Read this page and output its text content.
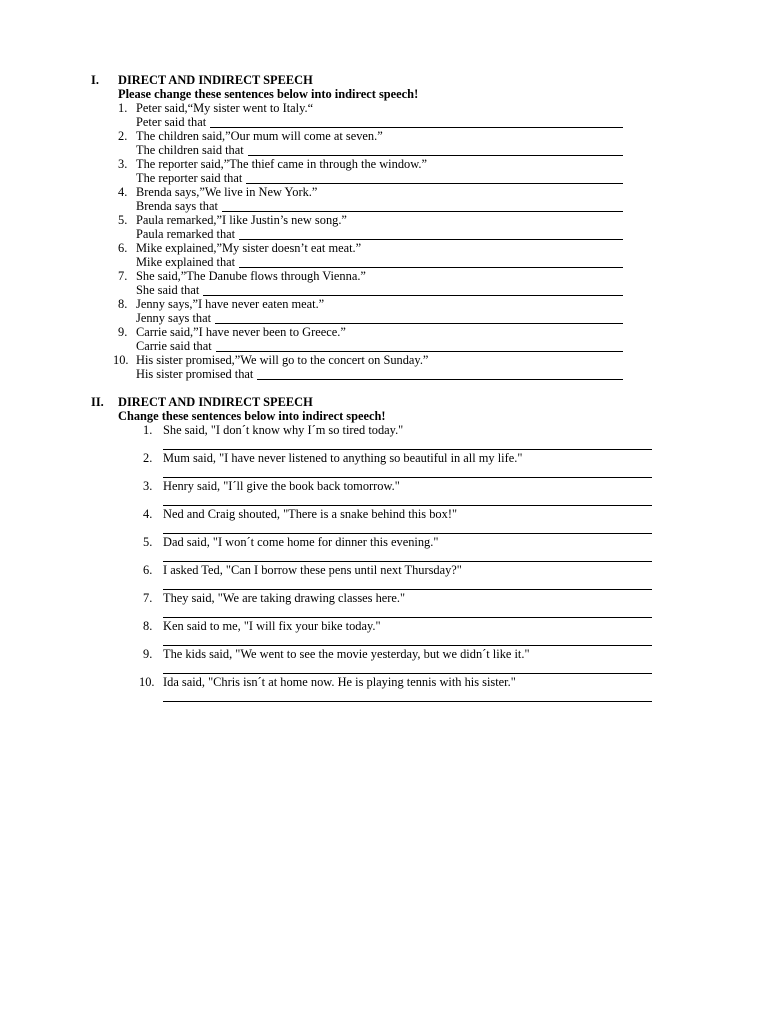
I. DIRECT AND INDIRECT SPEECH
Please change these sentences below into indirect speech!
1. Peter said,“My sister went to Italy.“
Peter said that
2. The children said,”Our mum will come at seven.”
The children said that
3. The reporter said,”The thief came in through the window.”
The reporter said that
4. Brenda says,”We live in New York.”
Brenda says that
5. Paula remarked,”I like Justin’s new song.”
Paula remarked that
6. Mike explained,”My sister doesn’t eat meat.”
Mike explained that
7. She said,”The Danube flows through Vienna.”
She said that
8. Jenny says,”I have never eaten meat.”
Jenny says that
9. Carrie said,”I have never been to Greece.”
Carrie said that
10. His sister promised,”We will go to the concert on Sunday.”
His sister promised that
II. DIRECT AND INDIRECT SPEECH
Change these sentences below into indirect speech!
1. She said, "I don´t know why I´m so tired today."
2. Mum said, "I have never listened to anything so beautiful in all my life."
3. Henry said, "I´ll give the book back tomorrow."
4. Ned and Craig shouted, "There is a snake behind this box!"
5. Dad said, "I won´t come home for dinner this evening."
6. I asked Ted, "Can I borrow these pens until next Thursday?"
7. They said, "We are taking drawing classes here."
8. Ken said to me, "I will fix your bike today."
9. The kids said, "We went to see the movie yesterday, but we didn´t like it."
10. Ida said, "Chris isn´t at home now. He is playing tennis with his sister."
